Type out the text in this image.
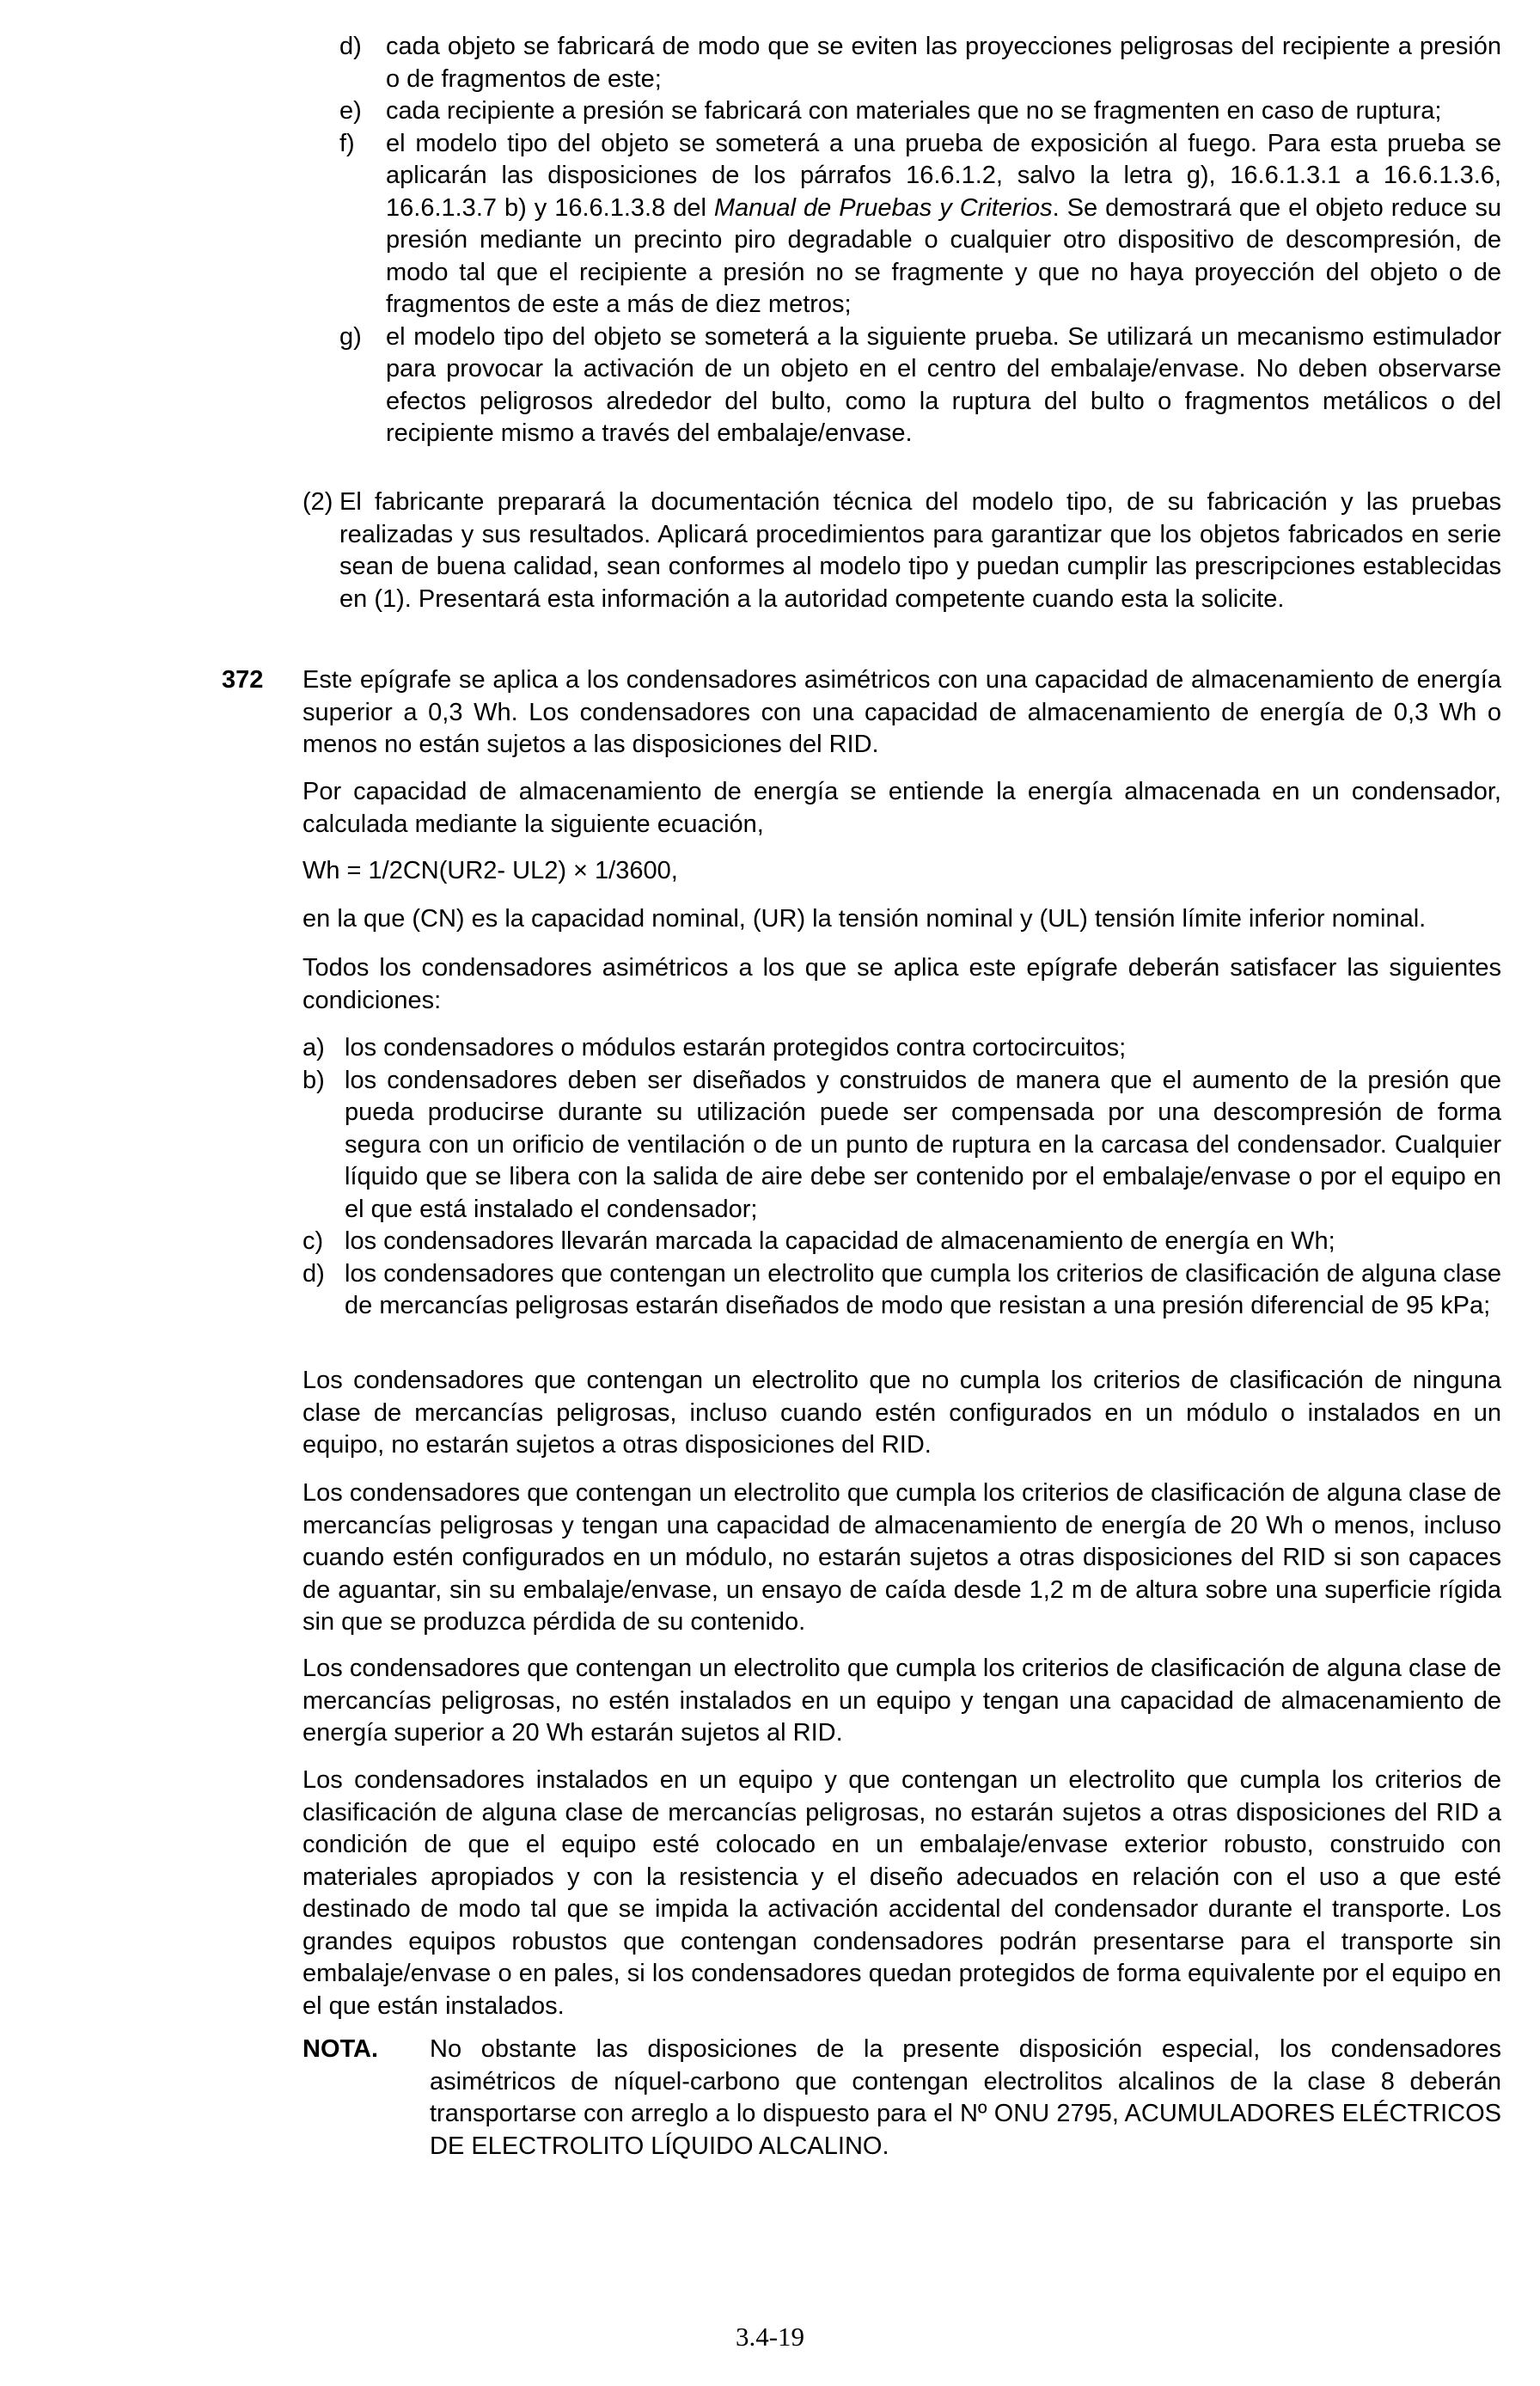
d) cada objeto se fabricará de modo que se eviten las proyecciones peligrosas del recipiente a presión o de fragmentos de este;
e) cada recipiente a presión se fabricará con materiales que no se fragmenten en caso de ruptura;
f)	el modelo tipo del objeto se someterá a una prueba de exposición al fuego. Para esta prueba se aplicarán las disposiciones de los párrafos 16.6.1.2, salvo la letra g), 16.6.1.3.1 a 16.6.1.3.6, 16.6.1.3.7 b) y 16.6.1.3.8 del Manual de Pruebas y Criterios. Se demostrará que el objeto reduce su presión mediante un precinto piro degradable o cualquier otro dispositivo de descompresión, de modo tal que el recipiente a presión no se fragmente y que no haya proyección del objeto o de fragmentos de este a más de diez metros;
g) el modelo tipo del objeto se someterá a la siguiente prueba. Se utilizará un mecanismo estimulador para provocar la activación de un objeto en el centro del embalaje/envase. No deben observarse efectos peligrosos alrededor del bulto, como la ruptura del bulto o fragmentos metálicos o del recipiente mismo a través del embalaje/envase.
(2) El fabricante preparará la documentación técnica del modelo tipo, de su fabricación y las pruebas realizadas y sus resultados. Aplicará procedimientos para garantizar que los objetos fabricados en serie sean de buena calidad, sean conformes al modelo tipo y puedan cumplir las prescripciones establecidas en (1). Presentará esta información a la autoridad competente cuando esta la solicite.
372 Este epígrafe se aplica a los condensadores asimétricos con una capacidad de almacenamiento de energía superior a 0,3 Wh. Los condensadores con una capacidad de almacenamiento de energía de 0,3 Wh o menos no están sujetos a las disposiciones del RID.
Por capacidad de almacenamiento de energía se entiende la energía almacenada en un condensador, calculada mediante la siguiente ecuación,
Wh = 1/2CN(UR2- UL2) × 1/3600,
en la que (CN) es la capacidad nominal, (UR) la tensión nominal y (UL) tensión límite inferior nominal.
Todos los condensadores asimétricos a los que se aplica este epígrafe deberán satisfacer las siguientes condiciones:
a) los condensadores o módulos estarán protegidos contra cortocircuitos;
b) los condensadores deben ser diseñados y construidos de manera que el aumento de la presión que pueda producirse durante su utilización puede ser compensada por una descompresión de forma segura con un orificio de ventilación o de un punto de ruptura en la carcasa del condensador. Cualquier líquido que se libera con la salida de aire debe ser contenido por el embalaje/envase o por el equipo en el que está instalado el condensador;
c) los condensadores llevarán marcada la capacidad de almacenamiento de energía en Wh;
d) los condensadores que contengan un electrolito que cumpla los criterios de clasificación de alguna clase de mercancías peligrosas estarán diseñados de modo que resistan a una presión diferencial de 95 kPa;
Los condensadores que contengan un electrolito que no cumpla los criterios de clasificación de ninguna clase de mercancías peligrosas, incluso cuando estén configurados en un módulo o instalados en un equipo, no estarán sujetos a otras disposiciones del RID.
Los condensadores que contengan un electrolito que cumpla los criterios de clasificación de alguna clase de mercancías peligrosas y tengan una capacidad de almacenamiento de energía de 20 Wh o menos, incluso cuando estén configurados en un módulo, no estarán sujetos a otras disposiciones del RID si son capaces de aguantar, sin su embalaje/envase, un ensayo de caída desde 1,2 m de altura sobre una superficie rígida sin que se produzca pérdida de su contenido.
Los condensadores que contengan un electrolito que cumpla los criterios de clasificación de alguna clase de mercancías peligrosas, no estén instalados en un equipo y tengan una capacidad de almacenamiento de energía superior a 20 Wh estarán sujetos al RID.
Los condensadores instalados en un equipo y que contengan un electrolito que cumpla los criterios de clasificación de alguna clase de mercancías peligrosas, no estarán sujetos a otras disposiciones del RID a condición de que el equipo esté colocado en un embalaje/envase exterior robusto, construido con materiales apropiados y con la resistencia y el diseño adecuados en relación con el uso a que esté destinado de modo tal que se impida la activación accidental del condensador durante el transporte. Los grandes equipos robustos que contengan condensadores podrán presentarse para el transporte sin embalaje/envase o en pales, si los condensadores quedan protegidos de forma equivalente por el equipo en el que están instalados.
NOTA.	No obstante las disposiciones de la presente disposición especial, los condensadores asimétricos de níquel-carbono que contengan electrolitos alcalinos de la clase 8 deberán transportarse con arreglo a lo dispuesto para el Nº ONU 2795, ACUMULADORES ELÉCTRICOS DE ELECTROLITO LÍQUIDO ALCALINO.
3.4-19
